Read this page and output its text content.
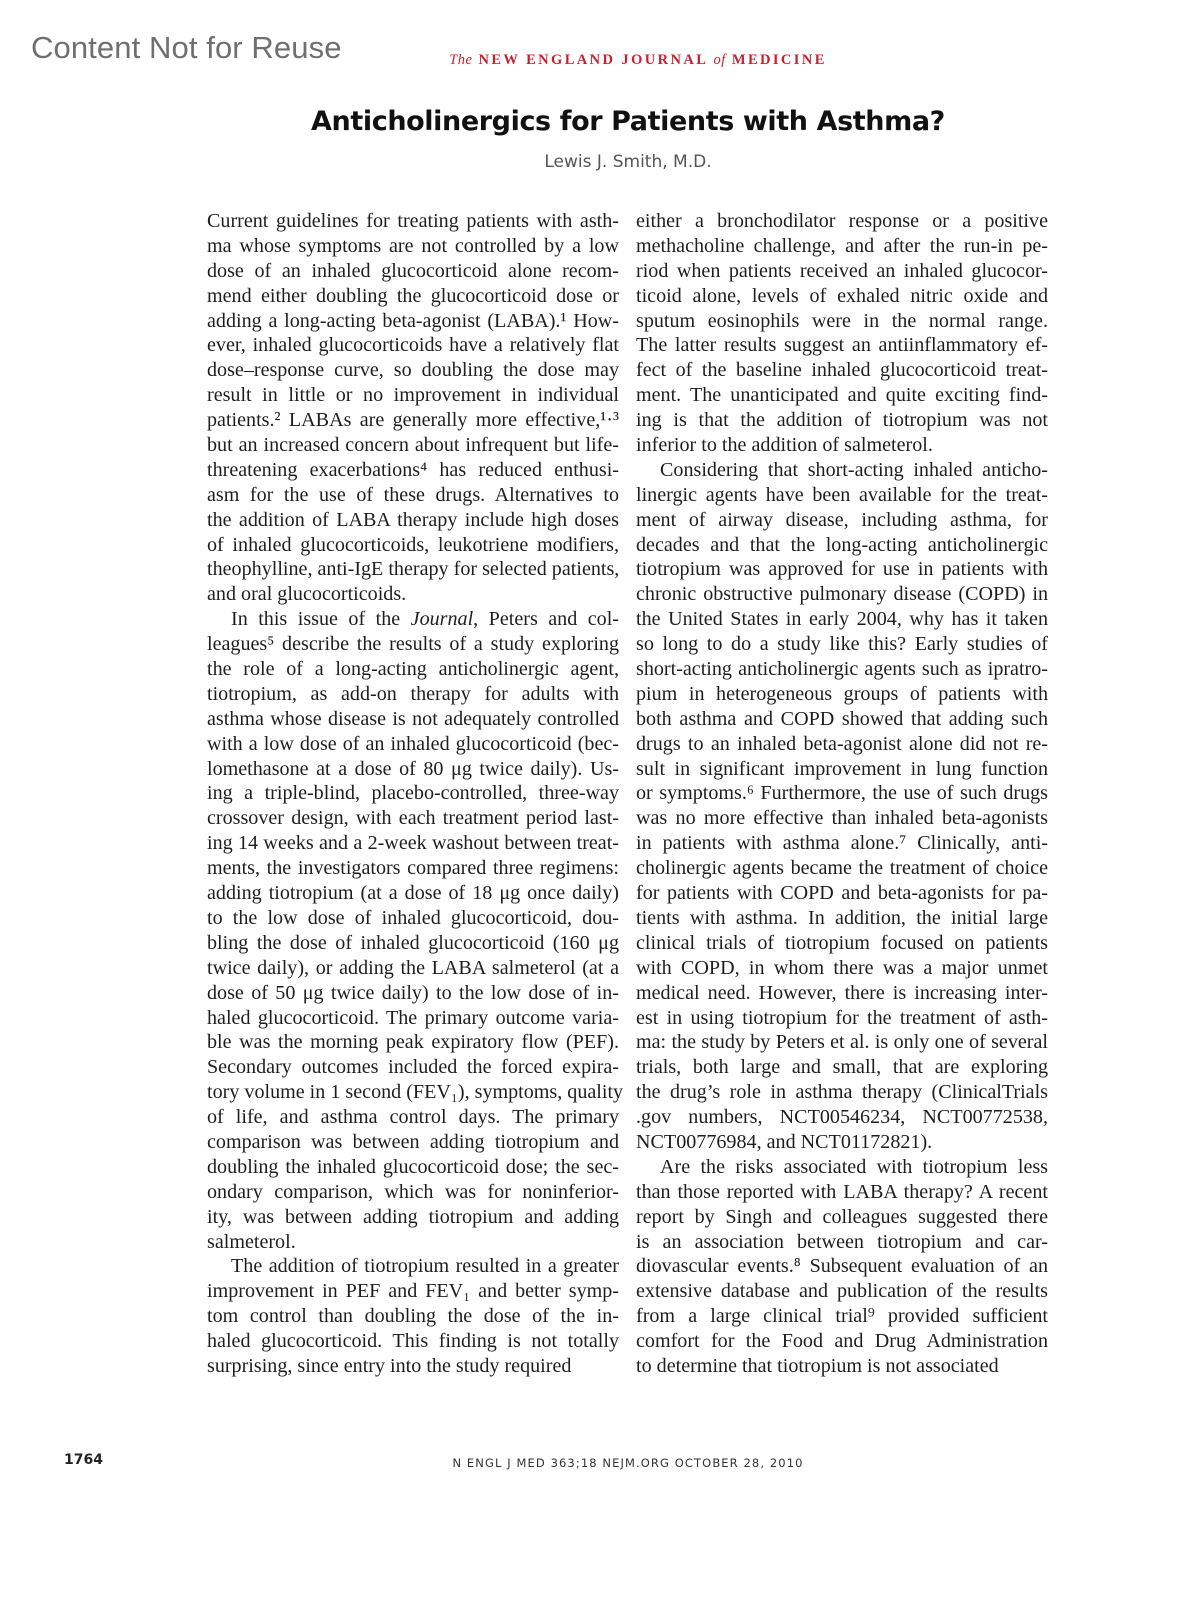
Content Not for Reuse	The NEW ENGLAND JOURNAL of MEDICINE
Anticholinergics for Patients with Asthma?
Lewis J. Smith, M.D.
Current guidelines for treating patients with asth-
ma whose symptoms are not controlled by a low
dose of an inhaled glucocorticoid alone recom-
mend either doubling the glucocorticoid dose or
adding a long-acting beta-agonist (LABA).¹ How-
ever, inhaled glucocorticoids have a relatively flat
dose–response curve, so doubling the dose may
result in little or no improvement in individual
patients.² LABAs are generally more effective,¹·³
but an increased concern about infrequent but life-
threatening exacerbations⁴ has reduced enthusi-
asm for the use of these drugs. Alternatives to
the addition of LABA therapy include high doses
of inhaled glucocorticoids, leukotriene modifiers,
theophylline, anti-IgE therapy for selected patients,
and oral glucocorticoids.
In this issue of the Journal, Peters and col-
leagues⁵ describe the results of a study exploring
the role of a long-acting anticholinergic agent,
tiotropium, as add-on therapy for adults with
asthma whose disease is not adequately controlled
with a low dose of an inhaled glucocorticoid (bec-
lomethasone at a dose of 80 μg twice daily). Us-
ing a triple-blind, placebo-controlled, three-way
crossover design, with each treatment period last-
ing 14 weeks and a 2-week washout between treat-
ments, the investigators compared three regimens:
adding tiotropium (at a dose of 18 μg once daily)
to the low dose of inhaled glucocorticoid, dou-
bling the dose of inhaled glucocorticoid (160 μg
twice daily), or adding the LABA salmeterol (at a
dose of 50 μg twice daily) to the low dose of in-
haled glucocorticoid. The primary outcome varia-
ble was the morning peak expiratory flow (PEF).
Secondary outcomes included the forced expira-
tory volume in 1 second (FEV₁), symptoms, quality
of life, and asthma control days. The primary
comparison was between adding tiotropium and
doubling the inhaled glucocorticoid dose; the sec-
ondary comparison, which was for noninferior-
ity, was between adding tiotropium and adding
salmeterol.
The addition of tiotropium resulted in a greater
improvement in PEF and FEV₁ and better symp-
tom control than doubling the dose of the in-
haled glucocorticoid. This finding is not totally
surprising, since entry into the study required
either a bronchodilator response or a positive
methacholine challenge, and after the run-in pe-
riod when patients received an inhaled glucocor-
ticoid alone, levels of exhaled nitric oxide and
sputum eosinophils were in the normal range.
The latter results suggest an antiinflammatory ef-
fect of the baseline inhaled glucocorticoid treat-
ment. The unanticipated and quite exciting find-
ing is that the addition of tiotropium was not
inferior to the addition of salmeterol.
Considering that short-acting inhaled anticho-
linergic agents have been available for the treat-
ment of airway disease, including asthma, for
decades and that the long-acting anticholinergic
tiotropium was approved for use in patients with
chronic obstructive pulmonary disease (COPD) in
the United States in early 2004, why has it taken
so long to do a study like this? Early studies of
short-acting anticholinergic agents such as ipratro-
pium in heterogeneous groups of patients with
both asthma and COPD showed that adding such
drugs to an inhaled beta-agonist alone did not re-
sult in significant improvement in lung function
or symptoms.⁶ Furthermore, the use of such drugs
was no more effective than inhaled beta-agonists
in patients with asthma alone.⁷ Clinically, anti-
cholinergic agents became the treatment of choice
for patients with COPD and beta-agonists for pa-
tients with asthma. In addition, the initial large
clinical trials of tiotropium focused on patients
with COPD, in whom there was a major unmet
medical need. However, there is increasing inter-
est in using tiotropium for the treatment of asth-
ma: the study by Peters et al. is only one of several
trials, both large and small, that are exploring
the drug’s role in asthma therapy (ClinicalTrials
.gov numbers, NCT00546234, NCT00772538,
NCT00776984, and NCT01172821).
Are the risks associated with tiotropium less
than those reported with LABA therapy? A recent
report by Singh and colleagues suggested there
is an association between tiotropium and car-
diovascular events.⁸ Subsequent evaluation of an
extensive database and publication of the results
from a large clinical trial⁹ provided sufficient
comfort for the Food and Drug Administration
to determine that tiotropium is not associated
1764	N ENGL J MED 363;18 NEJM.ORG OCTOBER 28, 2010
